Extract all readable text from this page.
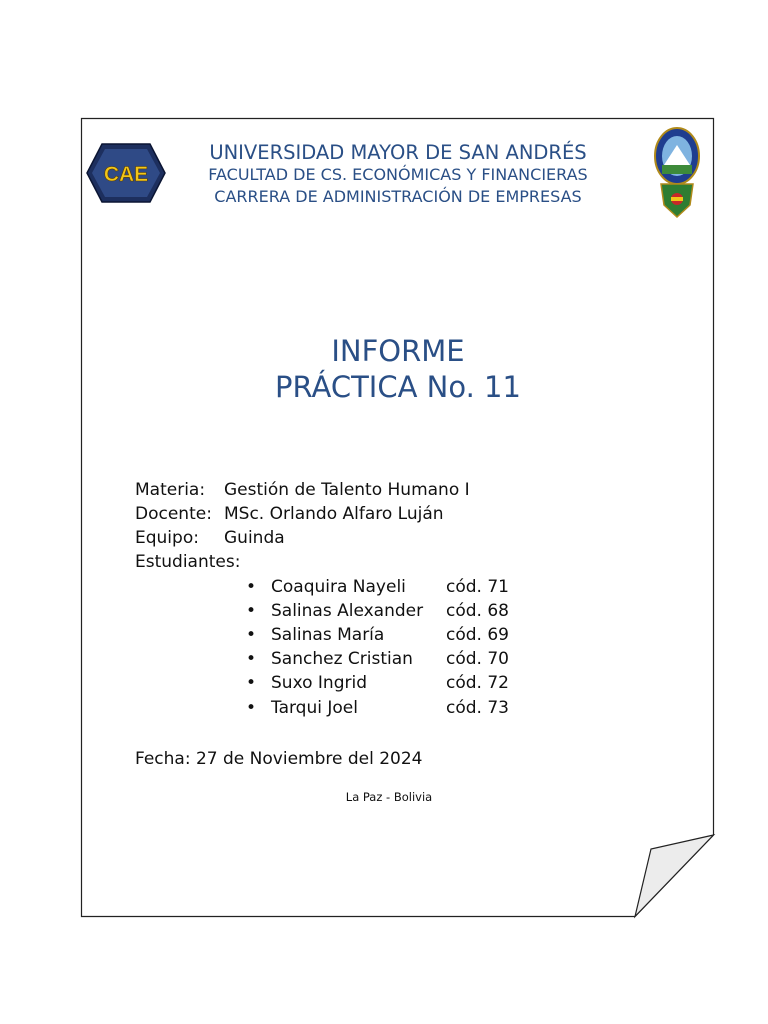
CAE
UNIVERSIDAD MAYOR DE SAN ANDRÉS
FACULTAD DE CS. ECONÓMICAS Y FINANCIERAS
CARRERA DE ADMINISTRACIÓN DE EMPRESAS
INFORME
PRÁCTICA No. 11
Materia: Gestión de Talento Humano I
Docente: MSc. Orlando Alfaro Luján
Equipo: Guinda
Estudiantes:
• Coaquira Nayeli cód. 71
• Salinas Alexander cód. 68
• Salinas María	cód. 69
• Sanchez Cristian cód. 70
• Suxo Ingrid	cód. 72
• Tarqui Joel	cód. 73
Fecha: 27 de Noviembre del 2024
La Paz - Bolivia
